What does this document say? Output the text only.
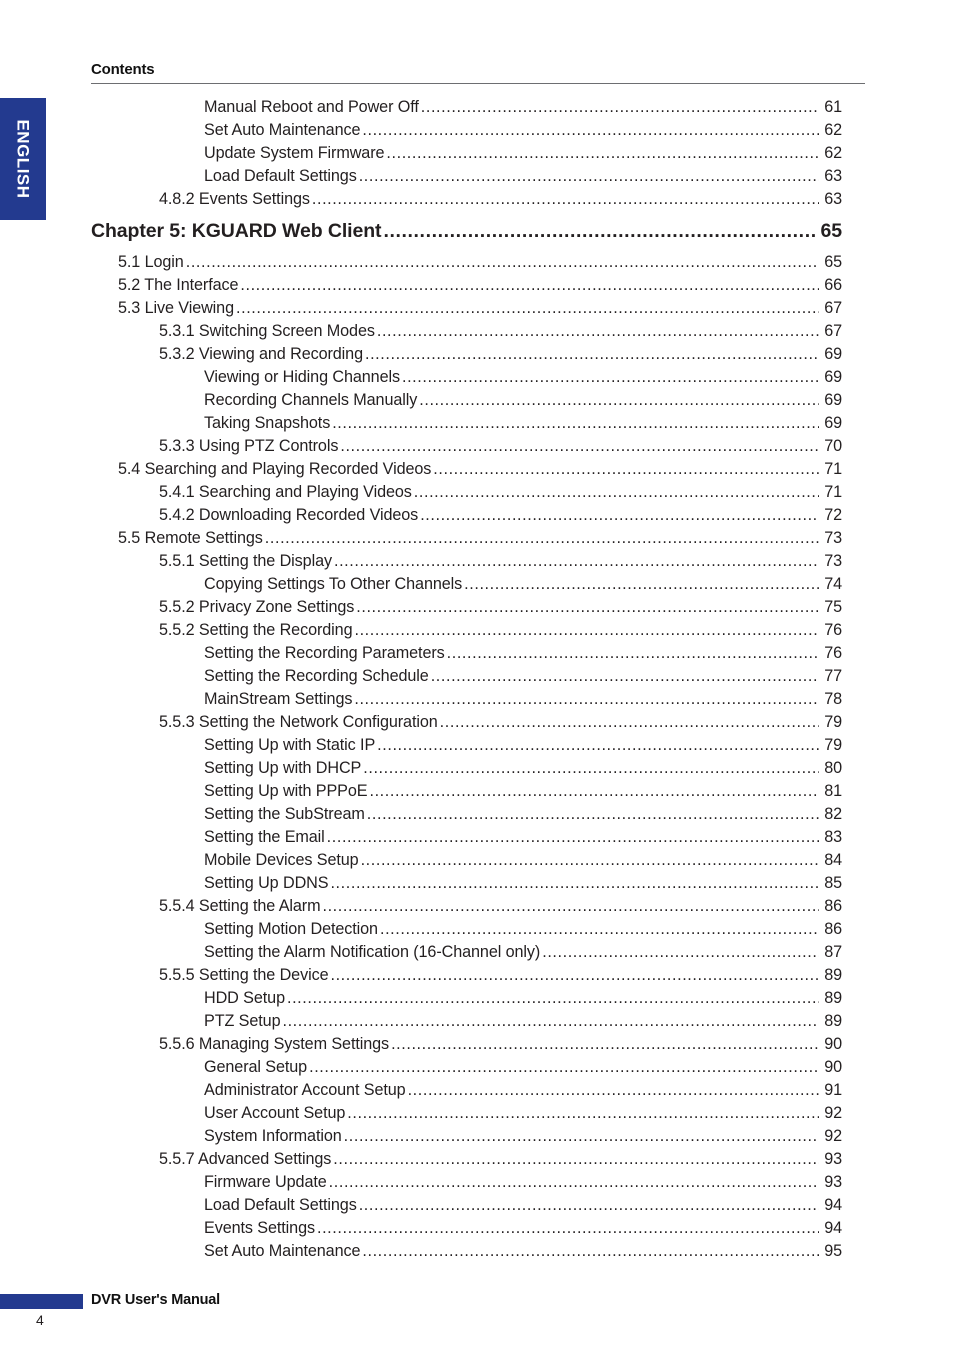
Contents
ENGLISH
Manual Reboot and Power Off .....	61
Set Auto Maintenance .....	62
Update System Firmware .....	62
Load Default Settings .....	63
4.8.2 Events Settings .....	63
Chapter 5: KGUARD Web Client .....	65
5.1 Login .....	65
5.2 The Interface .....	66
5.3 Live Viewing .....	67
5.3.1 Switching Screen Modes .....	67
5.3.2 Viewing and Recording .....	69
Viewing or Hiding Channels .....	69
Recording Channels Manually .....	69
Taking Snapshots .....	69
5.3.3 Using PTZ Controls .....	70
5.4 Searching and Playing Recorded Videos .....	71
5.4.1 Searching and Playing Videos .....	71
5.4.2 Downloading Recorded Videos .....	72
5.5 Remote Settings .....	73
5.5.1 Setting the Display .....	73
Copying Settings To Other Channels .....	74
5.5.2 Privacy Zone Settings .....	75
5.5.2 Setting the Recording .....	76
Setting the Recording Parameters .....	76
Setting the Recording Schedule .....	77
MainStream Settings .....	78
5.5.3 Setting the Network Configuration .....	79
Setting Up with Static IP .....	79
Setting Up with DHCP .....	80
Setting Up with PPPoE .....	81
Setting the SubStream .....	82
Setting the Email .....	83
Mobile Devices Setup .....	84
Setting Up DDNS .....	85
5.5.4 Setting the Alarm .....	86
Setting Motion Detection .....	86
Setting the Alarm Notification (16-Channel only) .....	87
5.5.5 Setting the Device .....	89
HDD Setup .....	89
PTZ Setup .....	89
5.5.6 Managing System Settings .....	90
General Setup .....	90
Administrator Account Setup .....	91
User Account Setup .....	92
System Information .....	92
5.5.7 Advanced Settings .....	93
Firmware Update .....	93
Load Default Settings .....	94
Events Settings .....	94
Set Auto Maintenance .....	95
DVR User's Manual
4
